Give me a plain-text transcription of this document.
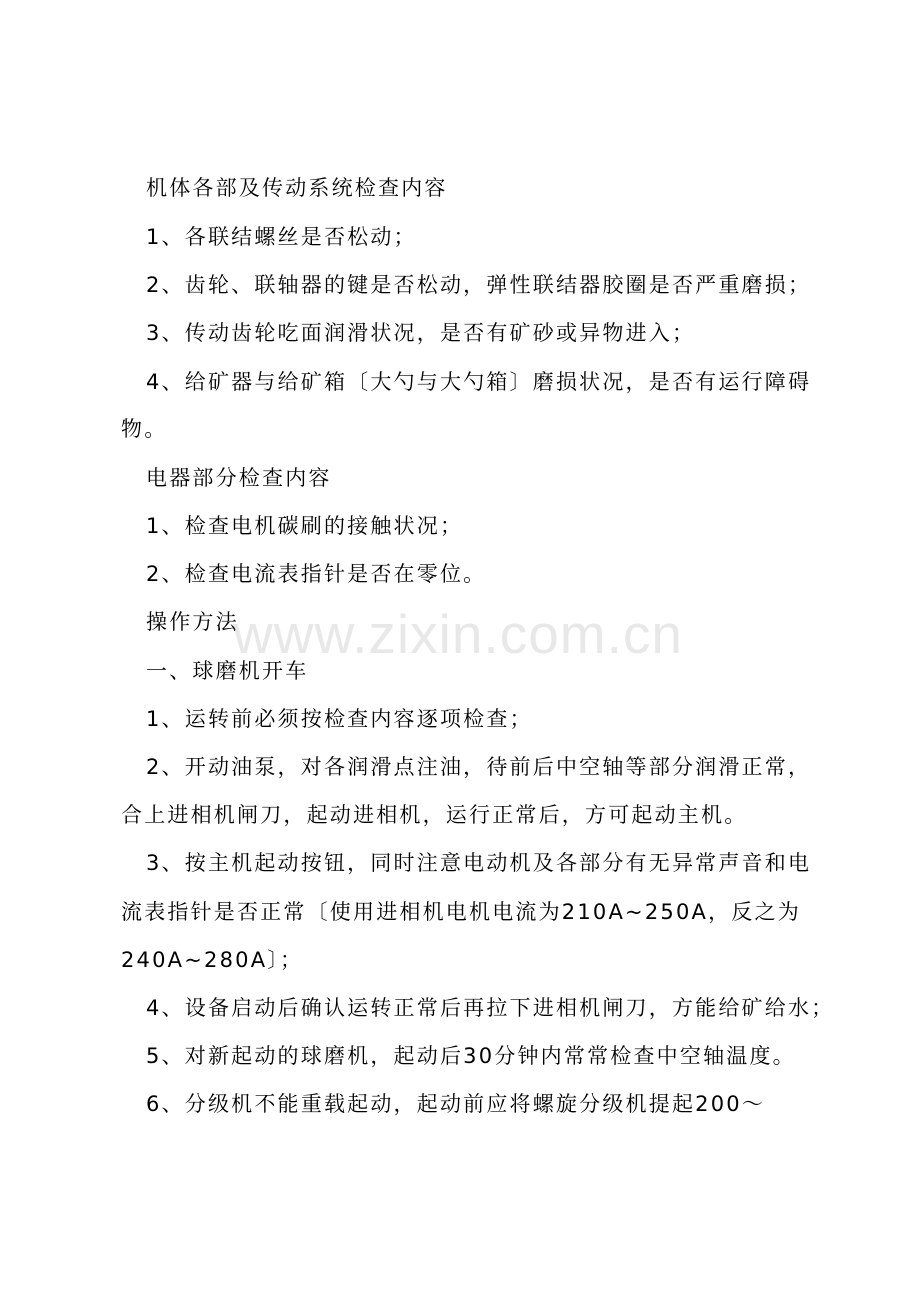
机体各部及传动系统检查内容
1、各联结螺丝是否松动；
2、齿轮、联轴器的键是否松动，弹性联结器胶圈是否严重磨损；
3、传动齿轮吃面润滑状况，是否有矿砂或异物进入；
4、给矿器与给矿箱〔大勺与大勺箱〕磨损状况，是否有运行障碍
物。
电器部分检查内容
1、检查电机碳刷的接触状况；
2、检查电流表指针是否在零位。
操作方法
一、球磨机开车
1、运转前必须按检查内容逐项检查；
2、开动油泵，对各润滑点注油，待前后中空轴等部分润滑正常，
合上进相机闸刀，起动进相机，运行正常后，方可起动主机。
3、按主机起动按钮，同时注意电动机及各部分有无异常声音和电
流表指针是否正常〔使用进相机电机电流为210A~250A，反之为
240A~280A〕；
4、设备启动后确认运转正常后再拉下进相机闸刀，方能给矿给水；
5、对新起动的球磨机，起动后30分钟内常常检查中空轴温度。
6、分级机不能重载起动，起动前应将螺旋分级机提起200～
www.zixin.com.cn
